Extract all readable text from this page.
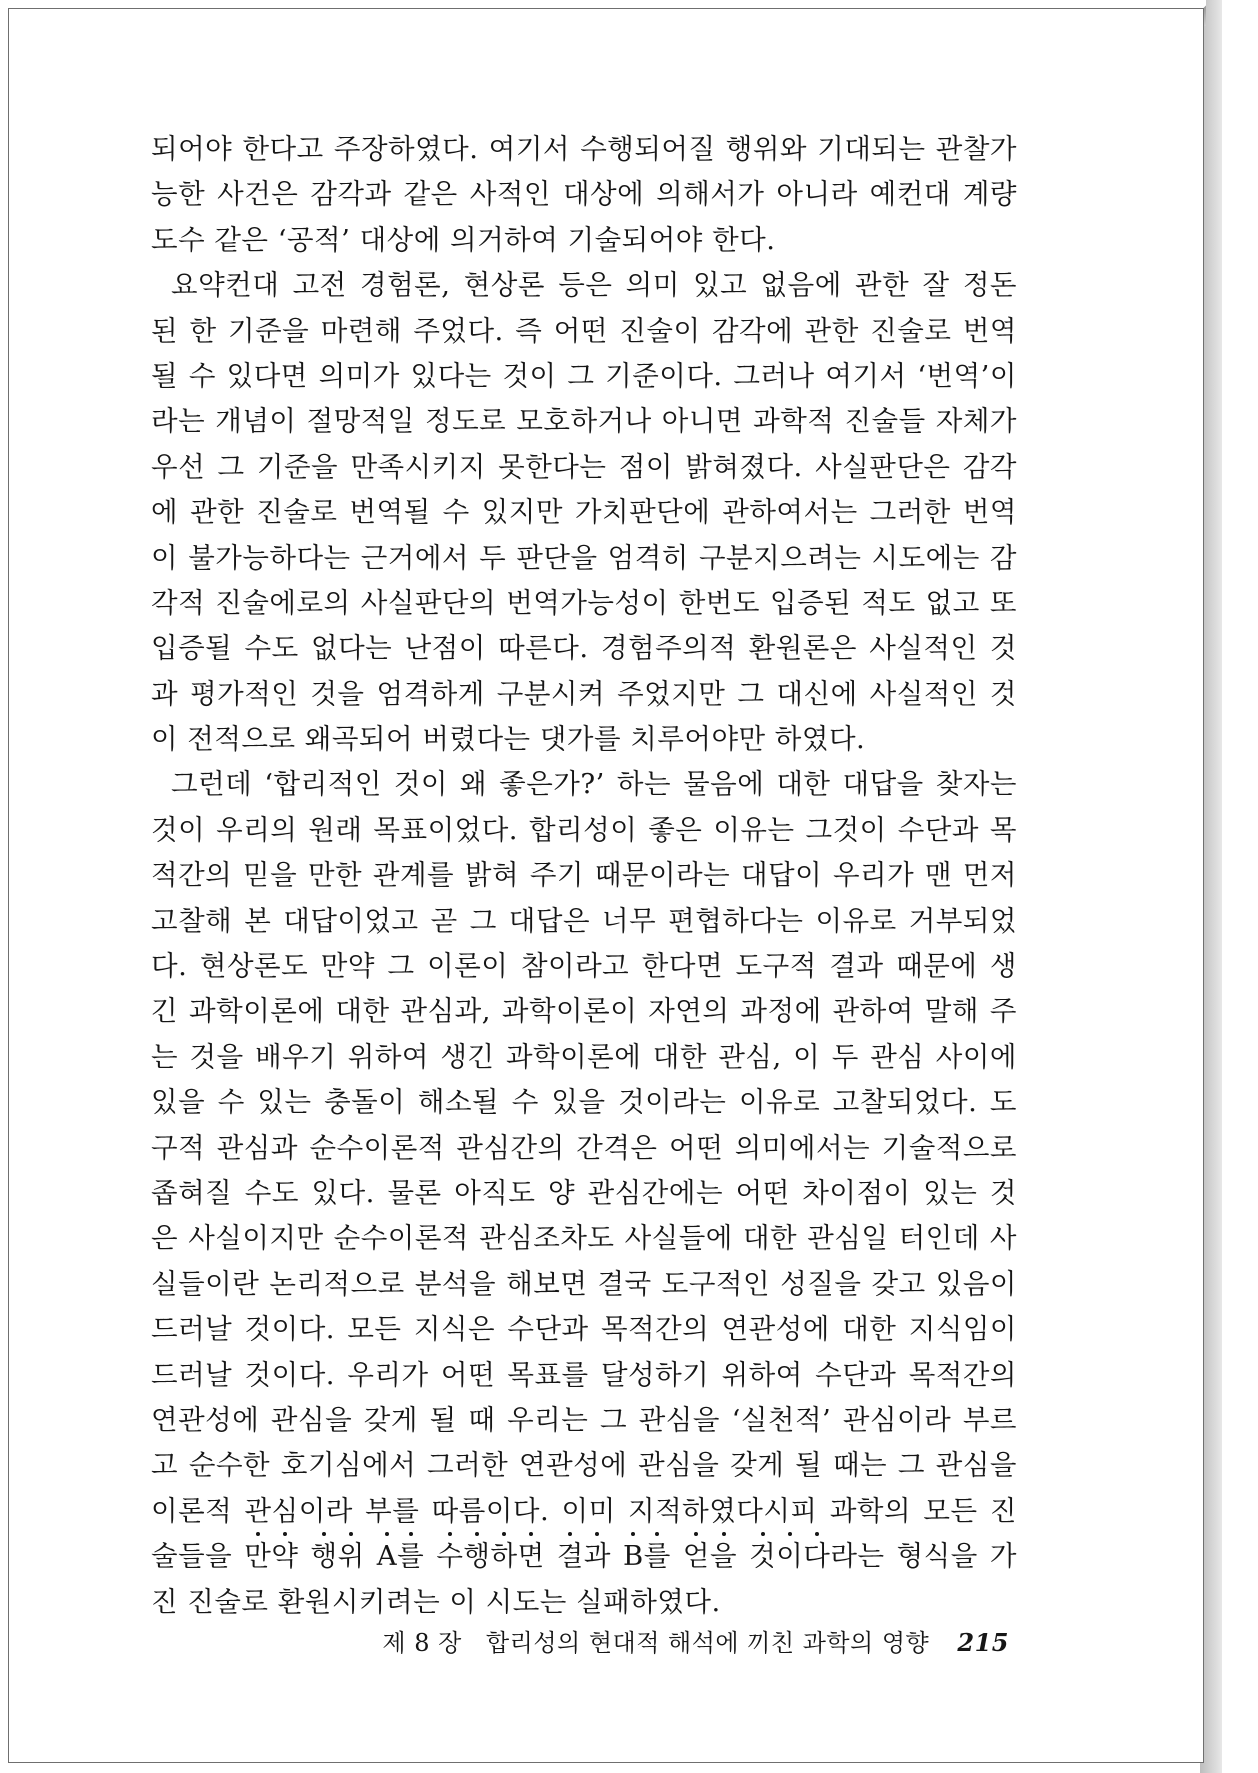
되어야 한다고 주장하였다. 여기서 수행되어질 행위와 기대되는 관찰가
능한 사건은 감각과 같은 사적인 대상에 의해서가 아니라 예컨대 계량
도수 같은 ‘공적’ 대상에 의거하여 기술되어야 한다.
요약컨대 고전 경험론, 현상론 등은 의미 있고 없음에 관한 잘 정돈
된 한 기준을 마련해 주었다. 즉 어떤 진술이 감각에 관한 진술로 번역
될 수 있다면 의미가 있다는 것이 그 기준이다. 그러나 여기서 ‘번역’이
라는 개념이 절망적일 정도로 모호하거나 아니면 과학적 진술들 자체가
우선 그 기준을 만족시키지 못한다는 점이 밝혀졌다. 사실판단은 감각
에 관한 진술로 번역될 수 있지만 가치판단에 관하여서는 그러한 번역
이 불가능하다는 근거에서 두 판단을 엄격히 구분지으려는 시도에는 감
각적 진술에로의 사실판단의 번역가능성이 한번도 입증된 적도 없고 또
입증될 수도 없다는 난점이 따른다. 경험주의적 환원론은 사실적인 것
과 평가적인 것을 엄격하게 구분시켜 주었지만 그 대신에 사실적인 것
이 전적으로 왜곡되어 버렸다는 댓가를 치루어야만 하였다.
그런데 ‘합리적인 것이 왜 좋은가?’ 하는 물음에 대한 대답을 찾자는
것이 우리의 원래 목표이었다. 합리성이 좋은 이유는 그것이 수단과 목
적간의 믿을 만한 관계를 밝혀 주기 때문이라는 대답이 우리가 맨 먼저
고찰해 본 대답이었고 곧 그 대답은 너무 편협하다는 이유로 거부되었
다. 현상론도 만약 그 이론이 참이라고 한다면 도구적 결과 때문에 생
긴 과학이론에 대한 관심과, 과학이론이 자연의 과정에 관하여 말해 주
는 것을 배우기 위하여 생긴 과학이론에 대한 관심, 이 두 관심 사이에
있을 수 있는 충돌이 해소될 수 있을 것이라는 이유로 고찰되었다. 도
구적 관심과 순수이론적 관심간의 간격은 어떤 의미에서는 기술적으로
좁혀질 수도 있다. 물론 아직도 양 관심간에는 어떤 차이점이 있는 것
은 사실이지만 순수이론적 관심조차도 사실들에 대한 관심일 터인데 사
실들이란 논리적으로 분석을 해보면 결국 도구적인 성질을 갖고 있음이
드러날 것이다. 모든 지식은 수단과 목적간의 연관성에 대한 지식임이
드러날 것이다. 우리가 어떤 목표를 달성하기 위하여 수단과 목적간의
연관성에 관심을 갖게 될 때 우리는 그 관심을 ‘실천적’ 관심이라 부르
고 순수한 호기심에서 그러한 연관성에 관심을 갖게 될 때는 그 관심을
이론적 관심이라 부를 따름이다. 이미 지적하였다시피 과학의 모든 진
술들을 만약 행위 A를 수행하면 결과 B를 얻을 것이다라는 형식을 가
진 진술로 환원시키려는 이 시도는 실패하였다.
제 8 장 합리성의 현대적 해석에 끼친 과학의 영향 215
